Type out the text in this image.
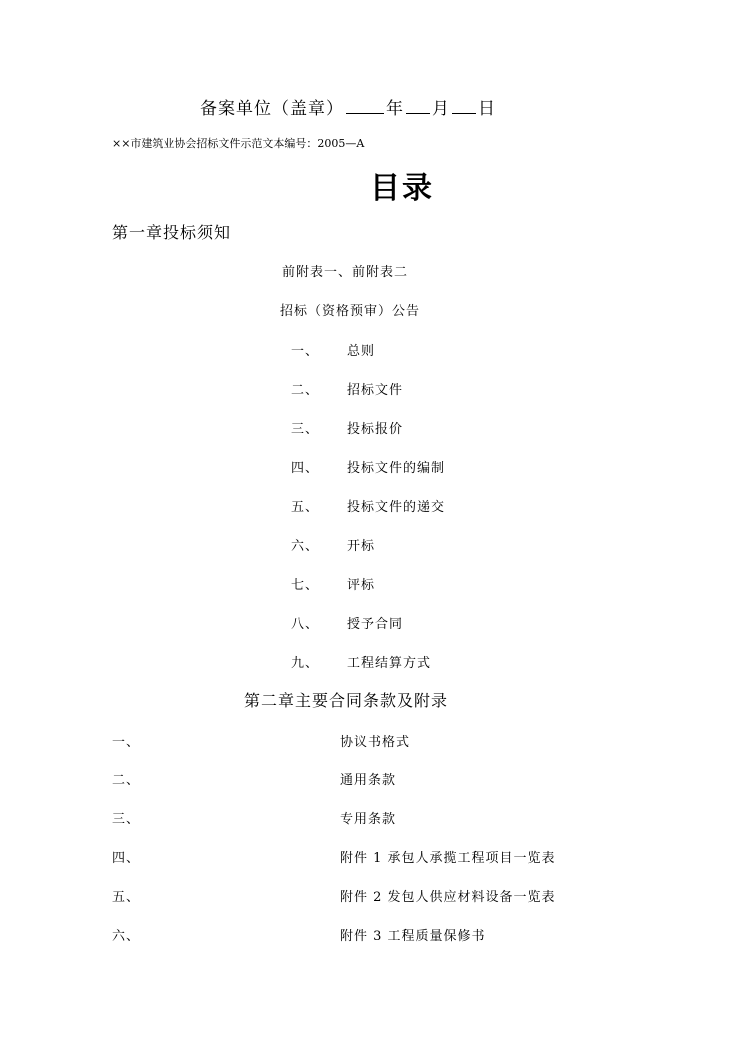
备案单位（盖章） 年 月 日
××市建筑业协会招标文件示范文本编号：2005—A
目录
第一章投标须知
前附表一、前附表二
招标（资格预审）公告
一、 总则
二、 招标文件
三、 投标报价
四、 投标文件的编制
五、 投标文件的递交
六、 开标
七、 评标
八、 授予合同
九、 工程结算方式
第二章主要合同条款及附录
一、	协议书格式
二、	通用条款
三、	专用条款
四、	附件 1 承包人承揽工程项目一览表
五、	附件 2 发包人供应材料设备一览表
六、	附件 3 工程质量保修书
